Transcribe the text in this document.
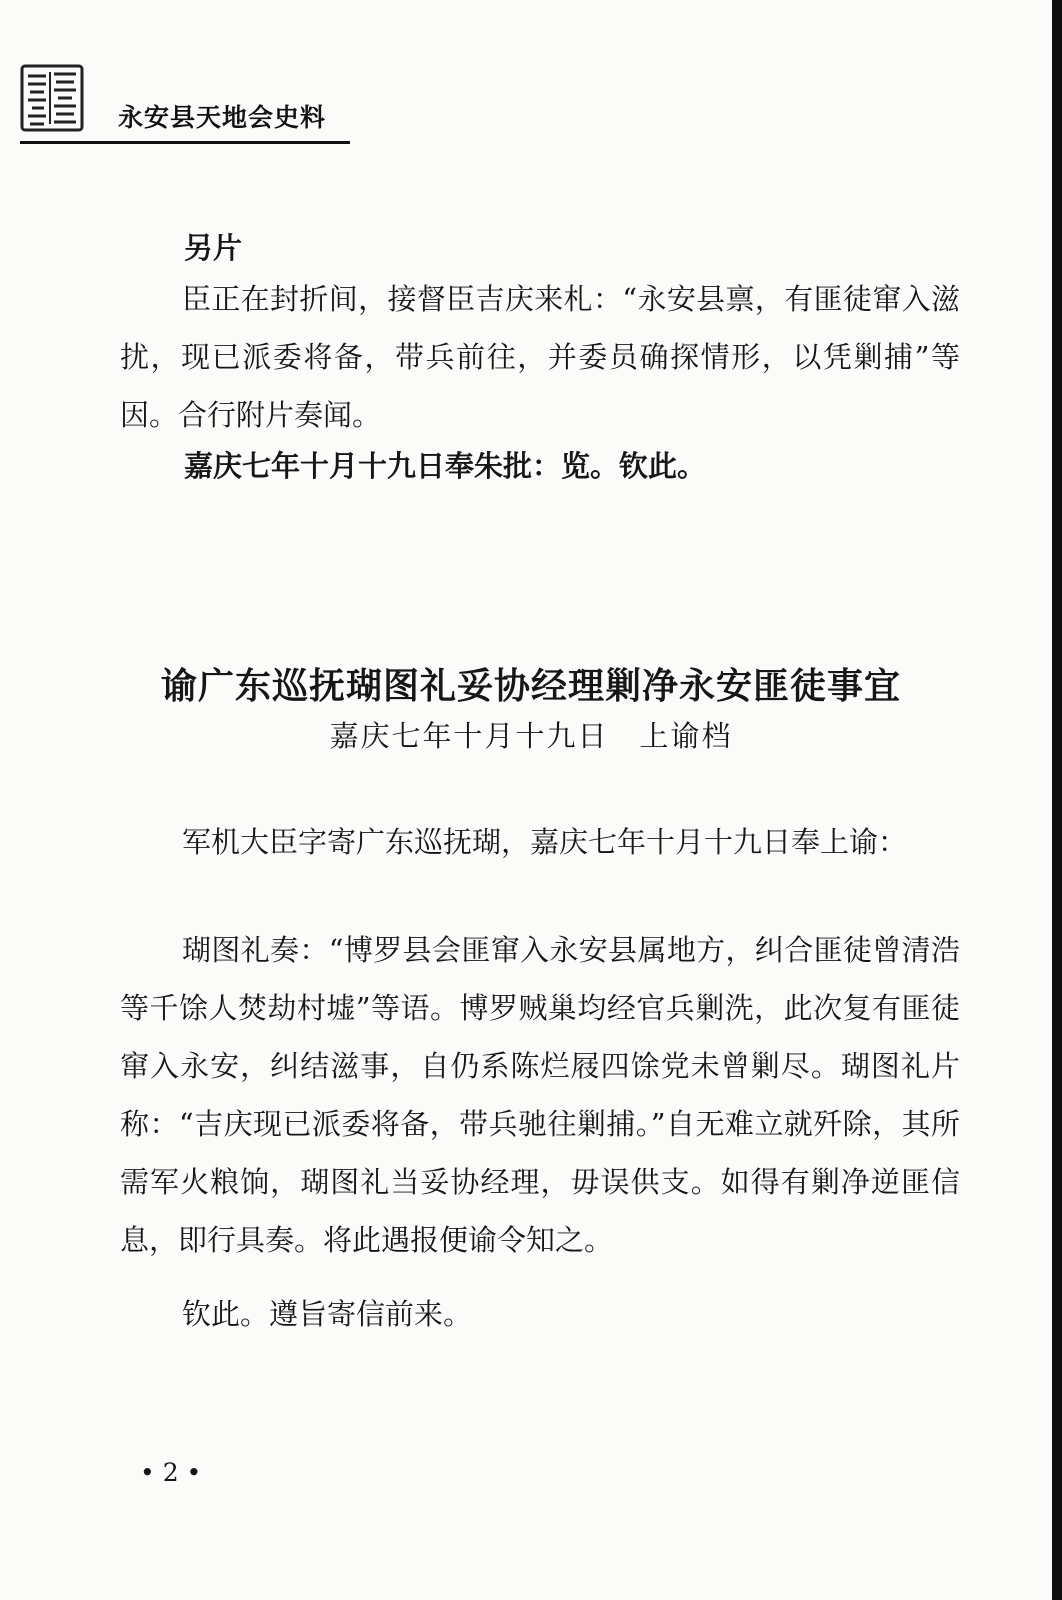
永安县天地会史料
另片
臣正在封折间，接督臣吉庆来札：“永安县禀，有匪徒窜入滋扰，现已派委将备，带兵前往，并委员确探情形，以凭剿捕”等因。合行附片奏闻。
嘉庆七年十月十九日奉朱批：览。钦此。
谕广东巡抚瑚图礼妥协经理剿净永安匪徒事宜
嘉庆七年十月十九日　上谕档
军机大臣字寄广东巡抚瑚，嘉庆七年十月十九日奉上谕：
瑚图礼奏：“博罗县会匪窜入永安县属地方，纠合匪徒曾清浩等千馀人焚劫村墟”等语。博罗贼巢均经官兵剿洗，此次复有匪徒窜入永安，纠结滋事，自仍系陈烂屐四馀党未曾剿尽。瑚图礼片称：“吉庆现已派委将备，带兵驰往剿捕。”自无难立就歼除，其所需军火粮饷，瑚图礼当妥协经理，毋误供支。如得有剿净逆匪信息，即行具奏。将此遇报便谕令知之。
钦此。遵旨寄信前来。
• 2 •
